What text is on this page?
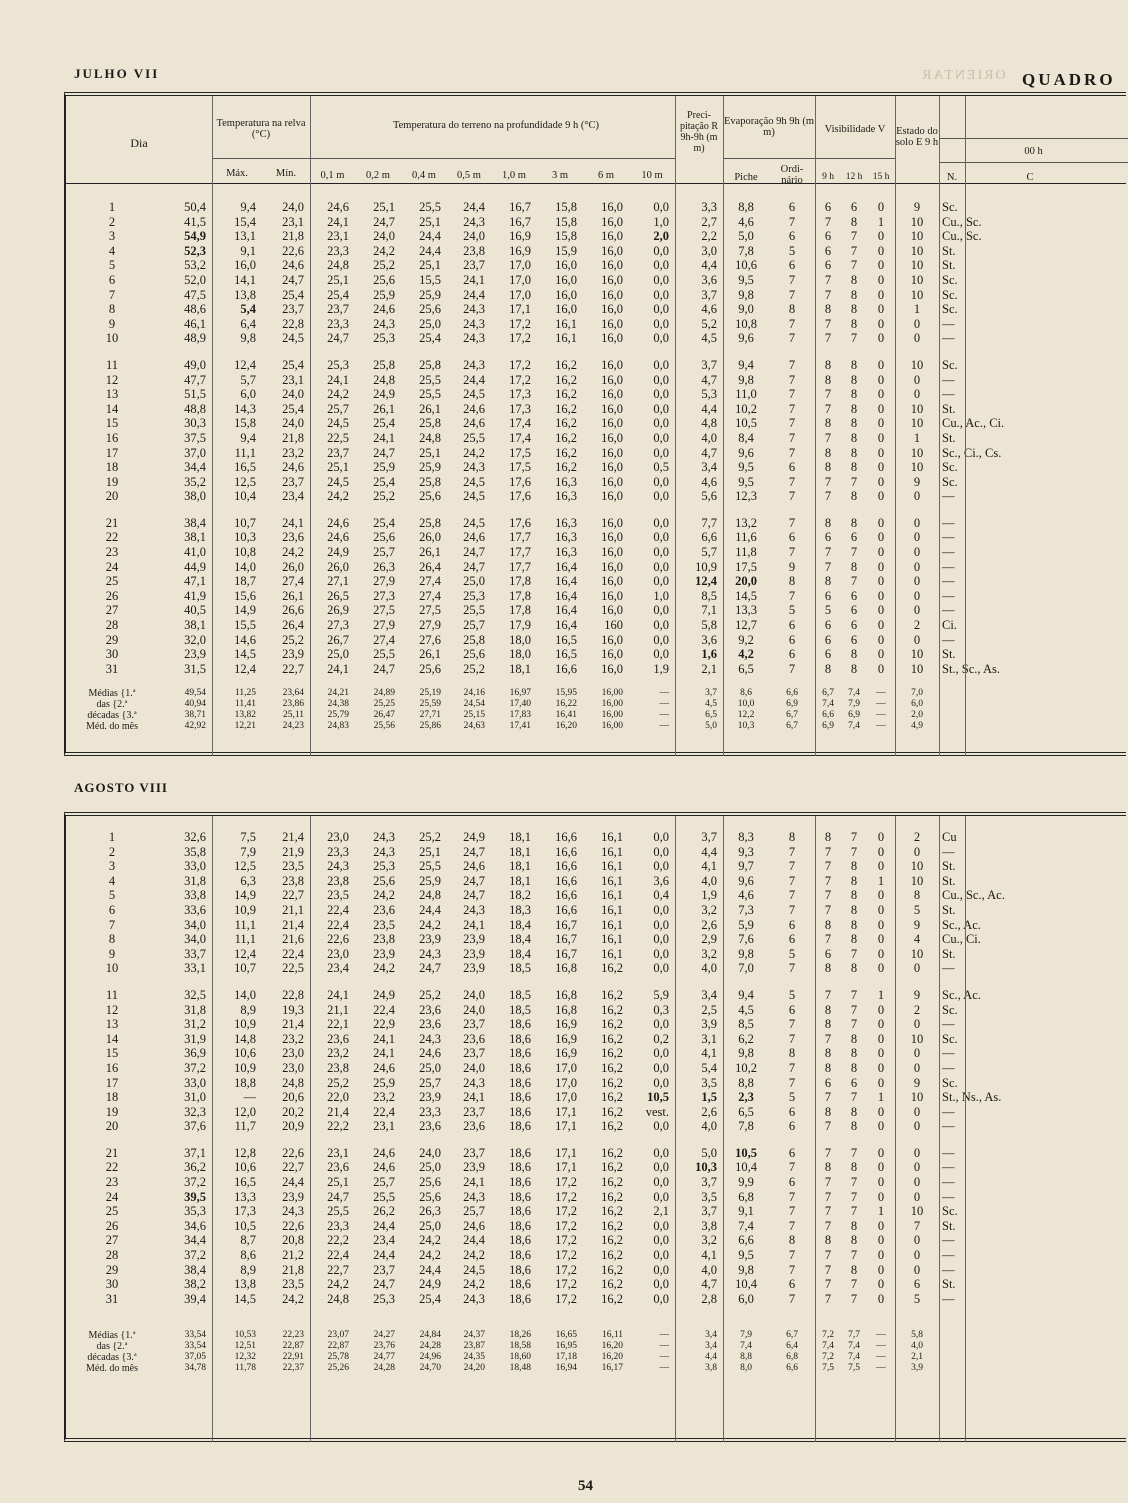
ORIENTAR
JULHO VII	QUADRO
Dia
Temperatura na relva (°C)
Máx.	Mín.
Temperatura do terreno na profundidade 9 h (°C)
0,1 m	0,2 m	0,4 m	0,5 m	1,0 m	3 m	6 m	10 m
Preci- pitação R 9h-9h (m m)
Evaporação 9h 9h (m m)
Piche
Ordi- nário
Visibilidade V
9 h	12 h	15 h
Estado do solo E 9 h
00 h
N.	C
1	50,4	9,4	24,0	24,6	25,1	25,5	24,4	16,7	15,8	16,0	0,0	3,3	8,8	6	6	6	0	9	Sc.
2	41,5	15,4	23,1	24,1	24,7	25,1	24,3	16,7	15,8	16,0	1,0	2,7	4,6	7	7	8	1	10	Cu., Sc.
3	54,9	13,1	21,8	23,1	24,0	24,4	24,0	16,9	15,8	16,0	2,0	2,2	5,0	6	6	7	0	10	Cu., Sc.
4	52,3	9,1	22,6	23,3	24,2	24,4	23,8	16,9	15,9	16,0	0,0	3,0	7,8	5	6	7	0	10	St.
5	53,2	16,0	24,6	24,8	25,2	25,1	23,7	17,0	16,0	16,0	0,0	4,4	10,6	6	6	7	0	10	St.
6	52,0	14,1	24,7	25,1	25,6	15,5	24,1	17,0	16,0	16,0	0,0	3,6	9,5	7	7	8	0	10	Sc.
7	47,5	13,8	25,4	25,4	25,9	25,9	24,4	17,0	16,0	16,0	0,0	3,7	9,8	7	7	8	0	10	Sc.
8	48,6	5,4	23,7	23,7	24,6	25,6	24,3	17,1	16,0	16,0	0,0	4,6	9,0	8	8	8	0	1	Sc.
9	46,1	6,4	22,8	23,3	24,3	25,0	24,3	17,2	16,1	16,0	0,0	5,2	10,8	7	7	8	0	0	—
10	48,9	9,8	24,5	24,7	25,3	25,4	24,3	17,2	16,1	16,0	0,0	4,5	9,6	7	7	7	0	0	—

11	49,0	12,4	25,4	25,3	25,8	25,8	24,3	17,2	16,2	16,0	0,0	3,7	9,4	7	8	8	0	10	Sc.
12	47,7	5,7	23,1	24,1	24,8	25,5	24,4	17,2	16,2	16,0	0,0	4,7	9,8	7	8	8	0	0	—
13	51,5	6,0	24,0	24,2	24,9	25,5	24,5	17,3	16,2	16,0	0,0	5,3	11,0	7	7	8	0	0	—
14	48,8	14,3	25,4	25,7	26,1	26,1	24,6	17,3	16,2	16,0	0,0	4,4	10,2	7	7	8	0	10	St.
15	30,3	15,8	24,0	24,5	25,4	25,8	24,6	17,4	16,2	16,0	0,0	4,8	10,5	7	8	8	0	10	Cu., Ac., Ci.
16	37,5	9,4	21,8	22,5	24,1	24,8	25,5	17,4	16,2	16,0	0,0	4,0	8,4	7	7	8	0	1	St.
17	37,0	11,1	23,2	23,7	24,7	25,1	24,2	17,5	16,2	16,0	0,0	4,7	9,6	7	8	8	0	10	Sc., Ci., Cs.
18	34,4	16,5	24,6	25,1	25,9	25,9	24,3	17,5	16,2	16,0	0,5	3,4	9,5	6	8	8	0	10	Sc.
19	35,2	12,5	23,7	24,5	25,4	25,8	24,5	17,6	16,3	16,0	0,0	4,6	9,5	7	7	7	0	9	Sc.
20	38,0	10,4	23,4	24,2	25,2	25,6	24,5	17,6	16,3	16,0	0,0	5,6	12,3	7	7	8	0	0	—

21	38,4	10,7	24,1	24,6	25,4	25,8	24,5	17,6	16,3	16,0	0,0	7,7	13,2	7	8	8	0	0	—
22	38,1	10,3	23,6	24,6	25,6	26,0	24,6	17,7	16,3	16,0	0,0	6,6	11,6	6	6	6	0	0	—
23	41,0	10,8	24,2	24,9	25,7	26,1	24,7	17,7	16,3	16,0	0,0	5,7	11,8	7	7	7	0	0	—
24	44,9	14,0	26,0	26,0	26,3	26,4	24,7	17,7	16,4	16,0	0,0	10,9	17,5	9	7	8	0	0	—
25	47,1	18,7	27,4	27,1	27,9	27,4	25,0	17,8	16,4	16,0	0,0	12,4	20,0	8	8	7	0	0	—
26	41,9	15,6	26,1	26,5	27,3	27,4	25,3	17,8	16,4	16,0	1,0	8,5	14,5	7	6	6	0	0	—
27	40,5	14,9	26,6	26,9	27,5	27,5	25,5	17,8	16,4	16,0	0,0	7,1	13,3	5	5	6	0	0	—
28	38,1	15,5	26,4	27,3	27,9	27,9	25,7	17,9	16,4	160	0,0	5,8	12,7	6	6	6	0	2	Ci.
29	32,0	14,6	25,2	26,7	27,4	27,6	25,8	18,0	16,5	16,0	0,0	3,6	9,2	6	6	6	0	0	—
30	23,9	14,5	23,9	25,0	25,5	26,1	25,6	18,0	16,5	16,0	0,0	1,6	4,2	6	6	8	0	10	St.
31	31,5	12,4	22,7	24,1	24,7	25,6	25,2	18,1	16,6	16,0	1,9	2,1	6,5	7	8	8	0	10	St., Sc., As.
Médias {1.ª	49,54	11,25	23,64	24,21	24,89	25,19	24,16	16,97	15,95	16,00	—	3,7	8,6	6,6	6,7	7,4	—	7,0
das {2.ª	40,94	11,41	23,86	24,38	25,25	25,59	24,54	17,40	16,22	16,00	—	4,5	10,0	6,9	7,4	7,9	—	6,0
décadas {3.ª	38,71	13,82	25,11	25,79	26,47	27,71	25,15	17,83	16,41	16,00	—	6,5	12,2	6,7	6,6	6,9	—	2,0
Méd. do mês	42,92	12,21	24,23	24,83	25,56	25,86	24,63	17,41	16,20	16,00	—	5,0	10,3	6,7	6,9	7,4	—	4,9
AGOSTO VIII
1	32,6	7,5	21,4	23,0	24,3	25,2	24,9	18,1	16,6	16,1	0,0	3,7	8,3	8	8	7	0	2	Cu
2	35,8	7,9	21,9	23,3	24,3	25,1	24,7	18,1	16,6	16,1	0,0	4,4	9,3	7	7	7	0	0	—
3	33,0	12,5	23,5	24,3	25,3	25,5	24,6	18,1	16,6	16,1	0,0	4,1	9,7	7	7	8	0	10	St.
4	31,8	6,3	23,8	23,8	25,6	25,9	24,7	18,1	16,6	16,1	3,6	4,0	9,6	7	7	8	1	10	St.
5	33,8	14,9	22,7	23,5	24,2	24,8	24,7	18,2	16,6	16,1	0,4	1,9	4,6	7	7	8	0	8	Cu., Sc., Ac.
6	33,6	10,9	21,1	22,4	23,6	24,4	24,3	18,3	16,6	16,1	0,0	3,2	7,3	7	7	8	0	5	St.
7	34,0	11,1	21,4	22,4	23,5	24,2	24,1	18,4	16,7	16,1	0,0	2,6	5,9	6	8	8	0	9	Sc., Ac.
8	34,0	11,1	21,6	22,6	23,8	23,9	23,9	18,4	16,7	16,1	0,0	2,9	7,6	6	7	8	0	4	Cu., Ci.
9	33,7	12,4	22,4	23,0	23,9	24,3	23,9	18,4	16,7	16,1	0,0	3,2	9,8	5	6	7	0	10	St.
10	33,1	10,7	22,5	23,4	24,2	24,7	23,9	18,5	16,8	16,2	0,0	4,0	7,0	7	8	8	0	0	—

11	32,5	14,0	22,8	24,1	24,9	25,2	24,0	18,5	16,8	16,2	5,9	3,4	9,4	5	7	7	1	9	Sc., Ac.
12	31,8	8,9	19,3	21,1	22,4	23,6	24,0	18,5	16,8	16,2	0,3	2,5	4,5	6	8	7	0	2	Sc.
13	31,2	10,9	21,4	22,1	22,9	23,6	23,7	18,6	16,9	16,2	0,0	3,9	8,5	7	8	7	0	0	—
14	31,9	14,8	23,2	23,6	24,1	24,3	23,6	18,6	16,9	16,2	0,2	3,1	6,2	7	7	8	0	10	Sc.
15	36,9	10,6	23,0	23,2	24,1	24,6	23,7	18,6	16,9	16,2	0,0	4,1	9,8	8	8	8	0	0	—
16	37,2	10,9	23,0	23,8	24,6	25,0	24,0	18,6	17,0	16,2	0,0	5,4	10,2	7	8	8	0	0	—
17	33,0	18,8	24,8	25,2	25,9	25,7	24,3	18,6	17,0	16,2	0,0	3,5	8,8	7	6	6	0	9	Sc.
18	31,0	—	20,6	22,0	23,2	23,9	24,1	18,6	17,0	16,2	10,5	1,5	2,3	5	7	7	1	10	St., Ns., As.
19	32,3	12,0	20,2	21,4	22,4	23,3	23,7	18,6	17,1	16,2	vest.	2,6	6,5	6	8	8	0	0	—
20	37,6	11,7	20,9	22,2	23,1	23,6	23,6	18,6	17,1	16,2	0,0	4,0	7,8	6	7	8	0	0	—

21	37,1	12,8	22,6	23,1	24,6	24,0	23,7	18,6	17,1	16,2	0,0	5,0	10,5	6	7	7	0	0	—
22	36,2	10,6	22,7	23,6	24,6	25,0	23,9	18,6	17,1	16,2	0,0	10,3	10,4	7	8	8	0	0	—
23	37,2	16,5	24,4	25,1	25,7	25,6	24,1	18,6	17,2	16,2	0,0	3,7	9,9	6	7	7	0	0	—
24	39,5	13,3	23,9	24,7	25,5	25,6	24,3	18,6	17,2	16,2	0,0	3,5	6,8	7	7	7	0	0	—
25	35,3	17,3	24,3	25,5	26,2	26,3	25,7	18,6	17,2	16,2	2,1	3,7	9,1	7	7	7	1	10	Sc.
26	34,6	10,5	22,6	23,3	24,4	25,0	24,6	18,6	17,2	16,2	0,0	3,8	7,4	7	7	8	0	7	St.
27	34,4	8,7	20,8	22,2	23,4	24,2	24,4	18,6	17,2	16,2	0,0	3,2	6,6	8	8	8	0	0	—
28	37,2	8,6	21,2	22,4	24,4	24,2	24,2	18,6	17,2	16,2	0,0	4,1	9,5	7	7	7	0	0	—
29	38,4	8,9	21,8	22,7	23,7	24,4	24,5	18,6	17,2	16,2	0,0	4,0	9,8	7	7	8	0	0	—
30	38,2	13,8	23,5	24,2	24,7	24,9	24,2	18,6	17,2	16,2	0,0	4,7	10,4	6	7	7	0	6	St.
31	39,4	14,5	24,2	24,8	25,3	25,4	24,3	18,6	17,2	16,2	0,0	2,8	6,0	7	7	7	0	5	—
Médias {1.ª	33,54	10,53	22,23	23,07	24,27	24,84	24,37	18,26	16,65	16,11	—	3,4	7,9	6,7	7,2	7,7	—	5,8
das {2.ª	33,54	12,51	22,87	22,87	23,76	24,28	23,87	18,58	16,95	16,20	—	3,4	7,4	6,4	7,4	7,4	—	4,0
décadas {3.ª	37,05	12,32	22,91	25,78	24,77	24,96	24,35	18,60	17,18	16,20	—	4,4	8,8	6,8	7,2	7,4	—	2,1
Méd. do mês	34,78	11,78	22,37	25,26	24,28	24,70	24,20	18,48	16,94	16,17	—	3,8	8,0	6,6	7,5	7,5	—	3,9
54
